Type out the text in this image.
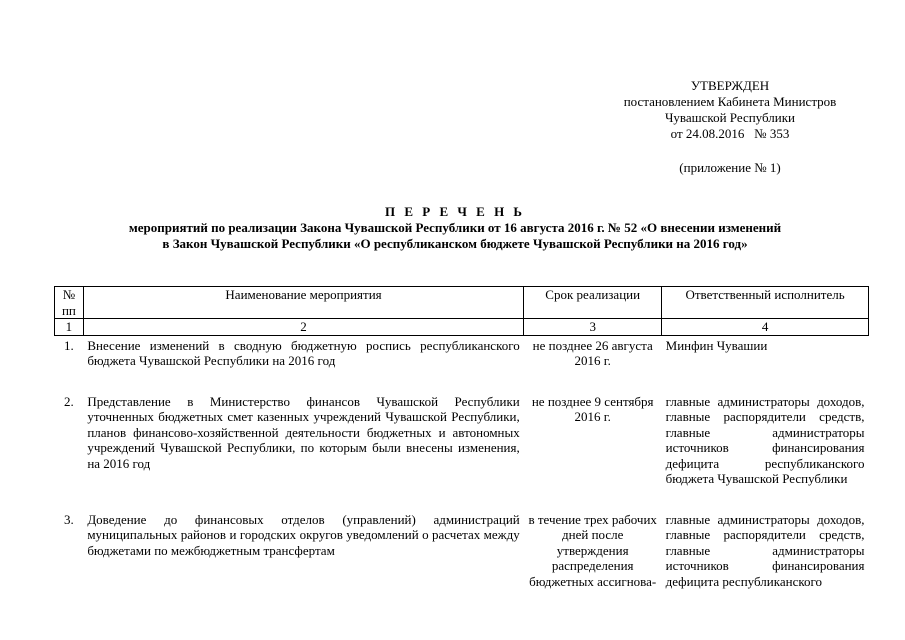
УТВЕРЖДЕН
постановлением Кабинета Министров
Чувашской Республики
от 24.08.2016   № 353
(приложение № 1)
П Е Р Е Ч Е Н Ь
мероприятий по реализации Закона Чувашской Республики от 16 августа 2016 г. № 52 «О внесении изменений
в Закон Чувашской Республики «О республиканском бюджете Чувашской Республики на 2016 год»
№ пп	Наименование мероприятия	Срок реализации	Ответственный исполнитель
1	2	3	4
1.	Внесение изменений в сводную бюджетную роспись республиканского бюджета Чувашской Республики на 2016 год	не позднее 26 августа 2016 г.	Минфин Чувашии

2.	Представление в Министерство финансов Чувашской Республики уточненных бюджетных смет казенных учреждений Чувашской Республики, планов финансово-хозяйственной деятельности бюджетных и автономных учреждений Чувашской Республики, по которым были внесены изменения, на 2016 год	не позднее 9 сентября 2016 г.	главные администраторы доходов, главные распорядители средств, главные администраторы источников финансирования дефицита республиканского бюджета Чувашской Республики

3.	Доведение до финансовых отделов (управлений) администраций муниципальных районов и городских округов уведомлений о расчетах между бюджетами по межбюджетным трансфертам	в течение трех рабочих дней после утверждения распределения бюджетных ассигнова-	главные администраторы доходов, главные распорядители средств, главные администраторы источников финансирования дефицита республиканского
